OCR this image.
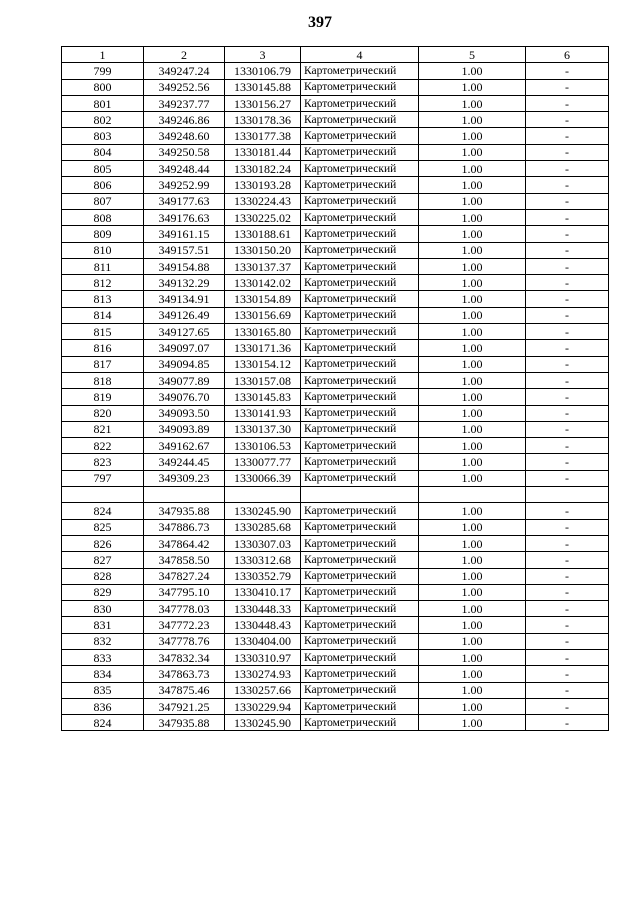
397
1	2	3	4	5	6
799	349247.24	1330106.79	Картометрический	1.00	-
800	349252.56	1330145.88	Картометрический	1.00	-
801	349237.77	1330156.27	Картометрический	1.00	-
802	349246.86	1330178.36	Картометрический	1.00	-
803	349248.60	1330177.38	Картометрический	1.00	-
804	349250.58	1330181.44	Картометрический	1.00	-
805	349248.44	1330182.24	Картометрический	1.00	-
806	349252.99	1330193.28	Картометрический	1.00	-
807	349177.63	1330224.43	Картометрический	1.00	-
808	349176.63	1330225.02	Картометрический	1.00	-
809	349161.15	1330188.61	Картометрический	1.00	-
810	349157.51	1330150.20	Картометрический	1.00	-
811	349154.88	1330137.37	Картометрический	1.00	-
812	349132.29	1330142.02	Картометрический	1.00	-
813	349134.91	1330154.89	Картометрический	1.00	-
814	349126.49	1330156.69	Картометрический	1.00	-
815	349127.65	1330165.80	Картометрический	1.00	-
816	349097.07	1330171.36	Картометрический	1.00	-
817	349094.85	1330154.12	Картометрический	1.00	-
818	349077.89	1330157.08	Картометрический	1.00	-
819	349076.70	1330145.83	Картометрический	1.00	-
820	349093.50	1330141.93	Картометрический	1.00	-
821	349093.89	1330137.30	Картометрический	1.00	-
822	349162.67	1330106.53	Картометрический	1.00	-
823	349244.45	1330077.77	Картометрический	1.00	-
797	349309.23	1330066.39	Картометрический	1.00	-

824	347935.88	1330245.90	Картометрический	1.00	-
825	347886.73	1330285.68	Картометрический	1.00	-
826	347864.42	1330307.03	Картометрический	1.00	-
827	347858.50	1330312.68	Картометрический	1.00	-
828	347827.24	1330352.79	Картометрический	1.00	-
829	347795.10	1330410.17	Картометрический	1.00	-
830	347778.03	1330448.33	Картометрический	1.00	-
831	347772.23	1330448.43	Картометрический	1.00	-
832	347778.76	1330404.00	Картометрический	1.00	-
833	347832.34	1330310.97	Картометрический	1.00	-
834	347863.73	1330274.93	Картометрический	1.00	-
835	347875.46	1330257.66	Картометрический	1.00	-
836	347921.25	1330229.94	Картометрический	1.00	-
824	347935.88	1330245.90	Картометрический	1.00	-
